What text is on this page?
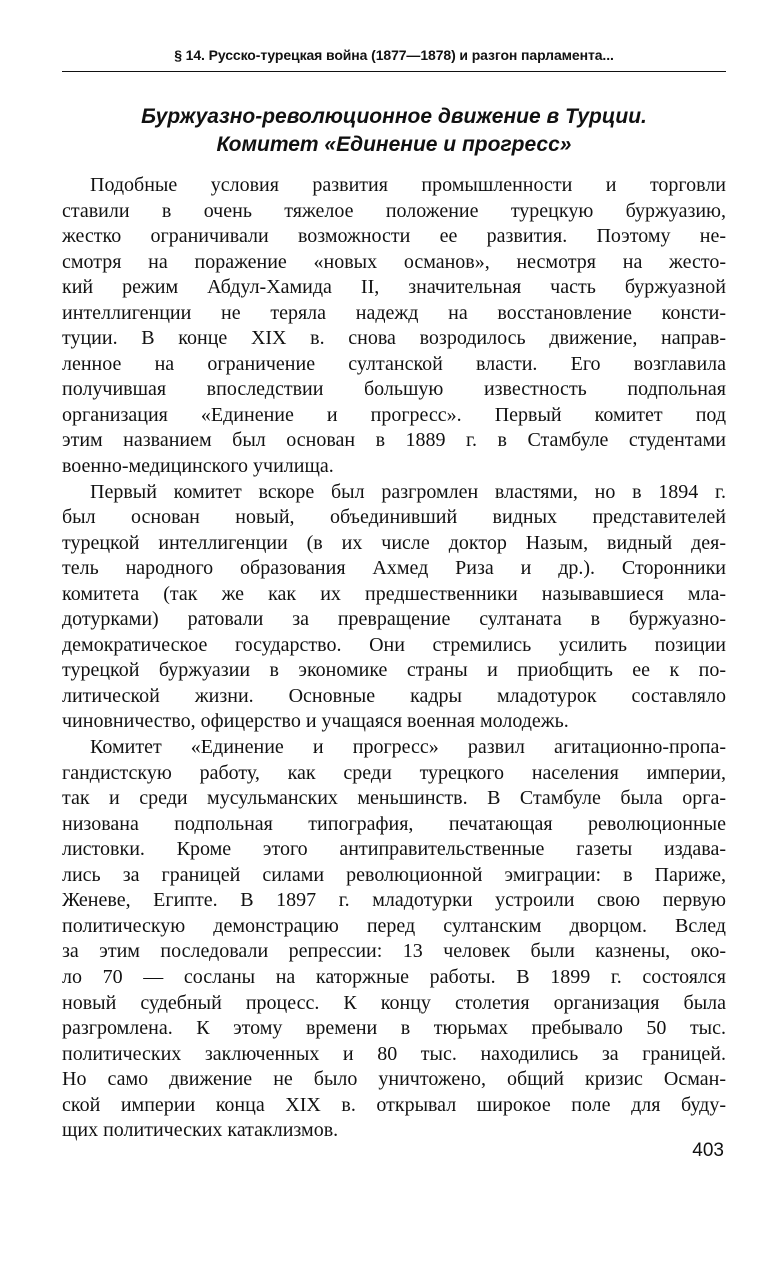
§ 14. Русско-турецкая война (1877—1878) и разгон парламента...
Буржуазно-революционное движение в Турции.
Комитет «Единение и прогресс»
Подобные условия развития промышленности и торговли
ставили в очень тяжелое положение турецкую буржуазию,
жестко ограничивали возможности ее развития. Поэтому не-
смотря на поражение «новых османов», несмотря на жесто-
кий режим Абдул-Хамида II, значительная часть буржуазной
интеллигенции не теряла надежд на восстановление консти-
туции. В конце XIX в. снова возродилось движение, направ-
ленное на ограничение султанской власти. Его возглавила
получившая впоследствии большую известность подпольная
организация «Единение и прогресс». Первый комитет под
этим названием был основан в 1889 г. в Стамбуле студентами
военно-медицинского училища.
Первый комитет вскоре был разгромлен властями, но в 1894 г.
был основан новый, объединивший видных представителей
турецкой интеллигенции (в их числе доктор Назым, видный дея-
тель народного образования Ахмед Риза и др.). Сторонники
комитета (так же как их предшественники называвшиеся мла-
дотурками) ратовали за превращение султаната в буржуазно-
демократическое государство. Они стремились усилить позиции
турецкой буржуазии в экономике страны и приобщить ее к по-
литической жизни. Основные кадры младотурок составляло
чиновничество, офицерство и учащаяся военная молодежь.
Комитет «Единение и прогресс» развил агитационно-пропа-
гандистскую работу, как среди турецкого населения империи,
так и среди мусульманских меньшинств. В Стамбуле была орга-
низована подпольная типография, печатающая революционные
листовки. Кроме этого антиправительственные газеты издава-
лись за границей силами революционной эмиграции: в Париже,
Женеве, Египте. В 1897 г. младотурки устроили свою первую
политическую демонстрацию перед султанским дворцом. Вслед
за этим последовали репрессии: 13 человек были казнены, око-
ло 70 — сосланы на каторжные работы. В 1899 г. состоялся
новый судебный процесс. К концу столетия организация была
разгромлена. К этому времени в тюрьмах пребывало 50 тыс.
политических заключенных и 80 тыс. находились за границей.
Но само движение не было уничтожено, общий кризис Осман-
ской империи конца XIX в. открывал широкое поле для буду-
щих политических катаклизмов.
403
